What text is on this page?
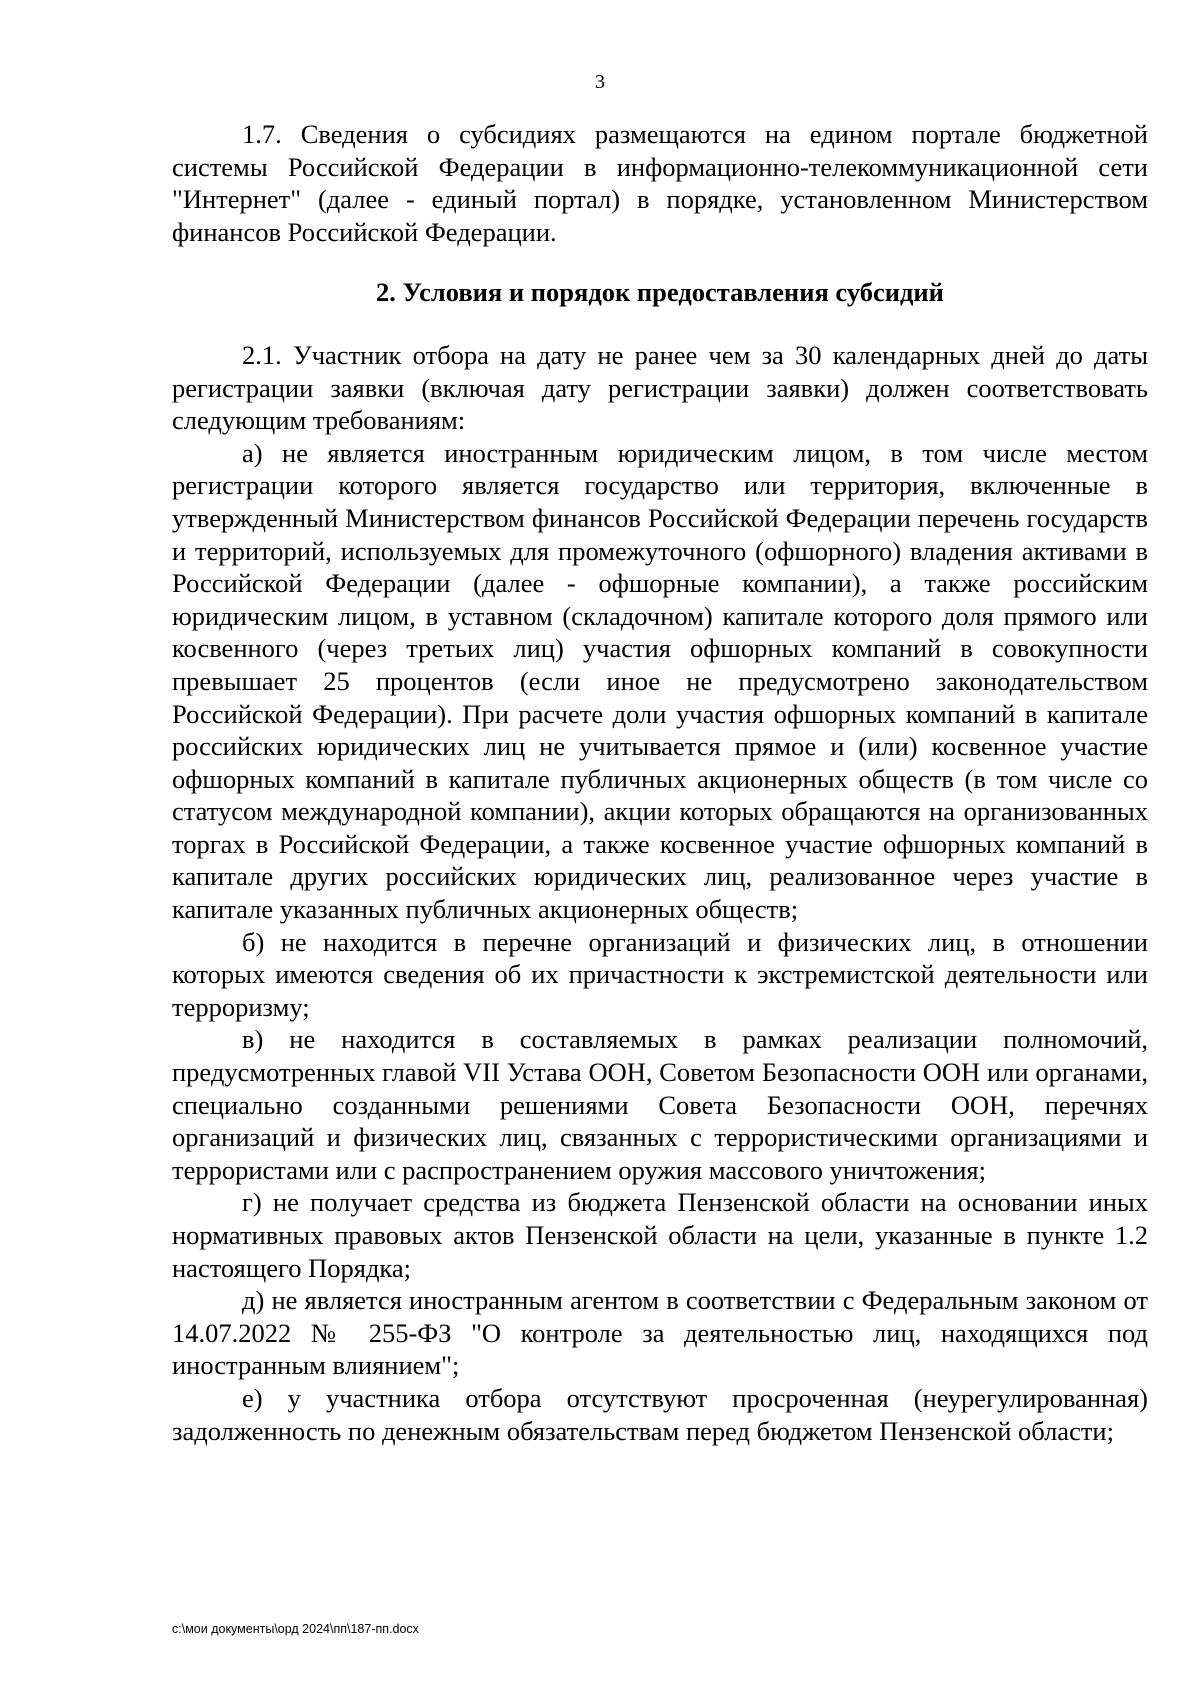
3

1.7. Сведения о субсидиях размещаются на едином портале бюджетной системы Российской Федерации в информационно-телекоммуникационной сети "Интернет" (далее - единый портал) в порядке, установленном Министерством финансов Российской Федерации.

2. Условия и порядок предоставления субсидий

2.1. Участник отбора на дату не ранее чем за 30 календарных дней до даты регистрации заявки (включая дату регистрации заявки) должен соответствовать следующим требованиям:

а) не является иностранным юридическим лицом, в том числе местом регистрации которого является государство или территория, включенные в утвержденный Министерством финансов Российской Федерации перечень государств и территорий, используемых для промежуточного (офшорного) владения активами в Российской Федерации (далее - офшорные компании), а также российским юридическим лицом, в уставном (складочном) капитале которого доля прямого или косвенного (через третьих лиц) участия офшорных компаний в совокупности превышает 25 процентов (если иное не предусмотрено законодательством Российской Федерации). При расчете доли участия офшорных компаний в капитале российских юридических лиц не учитывается прямое и (или) косвенное участие офшорных компаний в капитале публичных акционерных обществ (в том числе со статусом международной компании), акции которых обращаются на организованных торгах в Российской Федерации, а также косвенное участие офшорных компаний в капитале других российских юридических лиц, реализованное через участие в капитале указанных публичных акционерных обществ;

б) не находится в перечне организаций и физических лиц, в отношении которых имеются сведения об их причастности к экстремистской деятельности или терроризму;

в) не находится в составляемых в рамках реализации полномочий, предусмотренных главой VII Устава ООН, Советом Безопасности ООН или органами, специально созданными решениями Совета Безопасности ООН, перечнях организаций и физических лиц, связанных с террористическими организациями и террористами или с распространением оружия массового уничтожения;

г) не получает средства из бюджета Пензенской области на основании иных нормативных правовых актов Пензенской области на цели, указанные в пункте 1.2 настоящего Порядка;

д) не является иностранным агентом в соответствии с Федеральным законом от 14.07.2022 № 255-ФЗ "О контроле за деятельностью лиц, находящихся под иностранным влиянием";

е) у участника отбора отсутствуют просроченная (неурегулированная) задолженность по денежным обязательствам перед бюджетом Пензенской области;

c:\мои документы\орд 2024\пп\187-пп.docx
